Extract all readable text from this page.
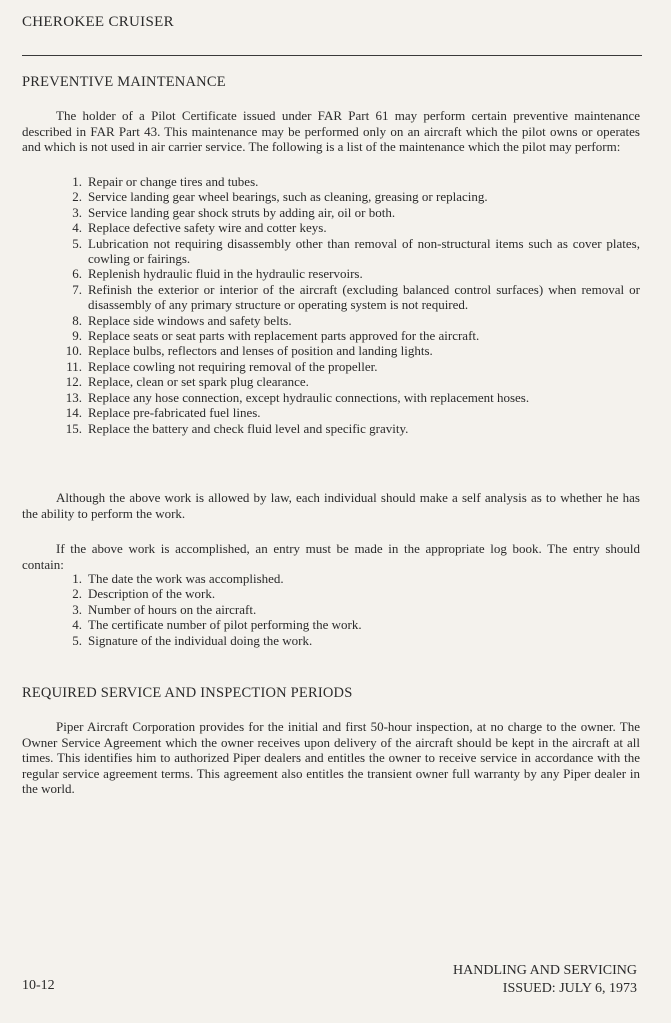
CHEROKEE CRUISER
PREVENTIVE MAINTENANCE
The holder of a Pilot Certificate issued under FAR Part 61 may perform certain preventive maintenance described in FAR Part 43. This maintenance may be performed only on an aircraft which the pilot owns or operates and which is not used in air carrier service. The following is a list of the maintenance which the pilot may perform:
1. Repair or change tires and tubes.
2. Service landing gear wheel bearings, such as cleaning, greasing or replacing.
3. Service landing gear shock struts by adding air, oil or both.
4. Replace defective safety wire and cotter keys.
5. Lubrication not requiring disassembly other than removal of non-structural items such as cover plates, cowling or fairings.
6. Replenish hydraulic fluid in the hydraulic reservoirs.
7. Refinish the exterior or interior of the aircraft (excluding balanced control surfaces) when removal or disassembly of any primary structure or operating system is not required.
8. Replace side windows and safety belts.
9. Replace seats or seat parts with replacement parts approved for the aircraft.
10. Replace bulbs, reflectors and lenses of position and landing lights.
11. Replace cowling not requiring removal of the propeller.
12. Replace, clean or set spark plug clearance.
13. Replace any hose connection, except hydraulic connections, with replacement hoses.
14. Replace pre-fabricated fuel lines.
15. Replace the battery and check fluid level and specific gravity.
Although the above work is allowed by law, each individual should make a self analysis as to whether he has the ability to perform the work.
If the above work is accomplished, an entry must be made in the appropriate log book. The entry should contain:
1. The date the work was accomplished.
2. Description of the work.
3. Number of hours on the aircraft.
4. The certificate number of pilot performing the work.
5. Signature of the individual doing the work.
REQUIRED SERVICE AND INSPECTION PERIODS
Piper Aircraft Corporation provides for the initial and first 50-hour inspection, at no charge to the owner. The Owner Service Agreement which the owner receives upon delivery of the aircraft should be kept in the aircraft at all times. This identifies him to authorized Piper dealers and entitles the owner to receive service in accordance with the regular service agreement terms. This agreement also entitles the transient owner full warranty by any Piper dealer in the world.
10-12
HANDLING AND SERVICING
ISSUED: JULY 6, 1973
